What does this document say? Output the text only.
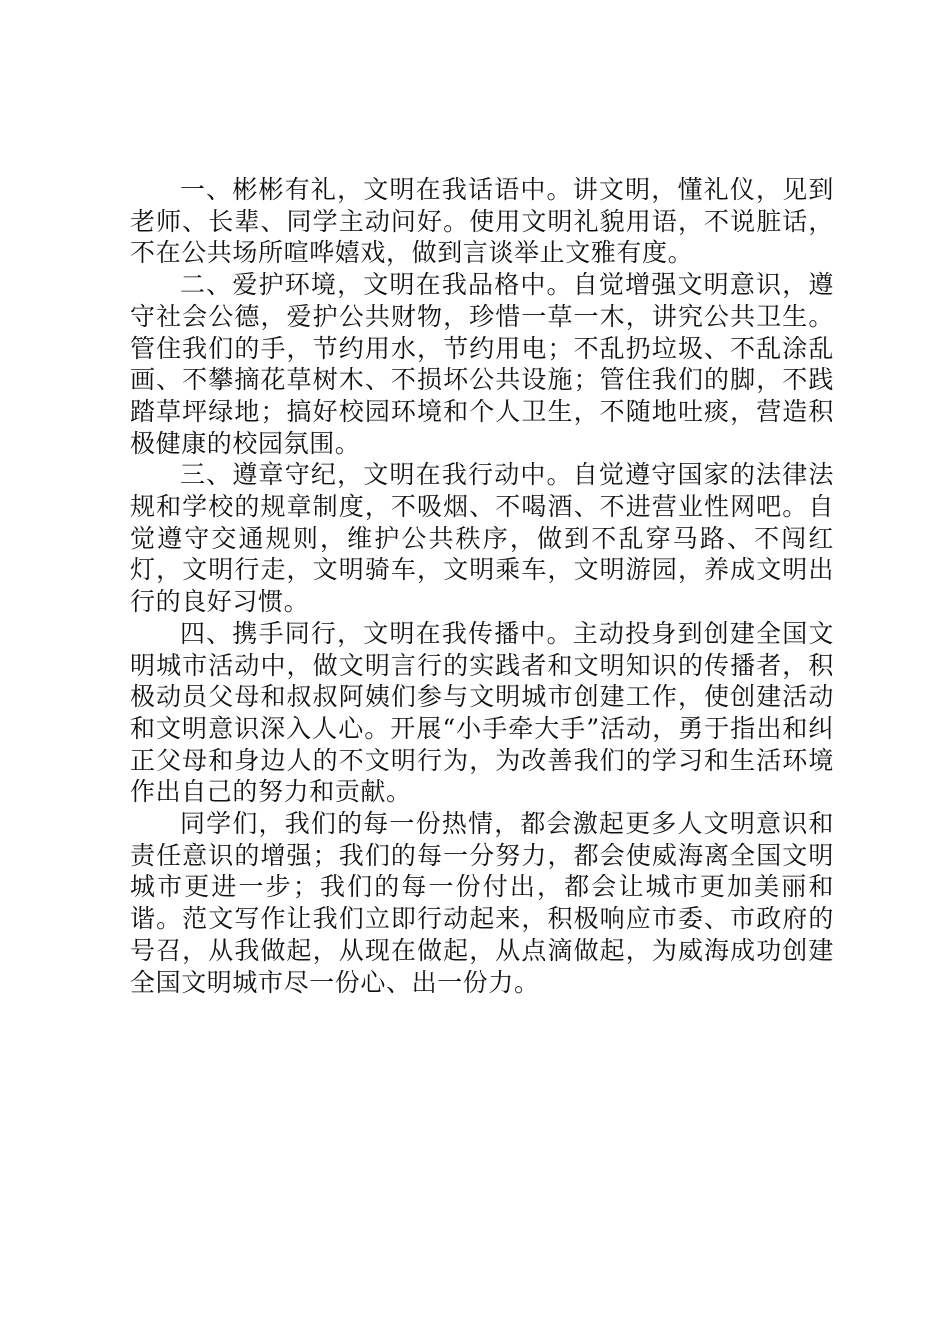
一、彬彬有礼，文明在我话语中。讲文明，懂礼仪，见到老师、长辈、同学主动问好。使用文明礼貌用语，不说脏话，不在公共场所喧哗嬉戏，做到言谈举止文雅有度。

二、爱护环境，文明在我品格中。自觉增强文明意识，遵守社会公德，爱护公共财物，珍惜一草一木，讲究公共卫生。管住我们的手，节约用水，节约用电；不乱扔垃圾、不乱涂乱画、不攀摘花草树木、不损坏公共设施；管住我们的脚，不践踏草坪绿地；搞好校园环境和个人卫生，不随地吐痰，营造积极健康的校园氛围。

三、遵章守纪，文明在我行动中。自觉遵守国家的法律法规和学校的规章制度，不吸烟、不喝酒、不进营业性网吧。自觉遵守交通规则，维护公共秩序，做到不乱穿马路、不闯红灯，文明行走，文明骑车，文明乘车，文明游园，养成文明出行的良好习惯。

四、携手同行，文明在我传播中。主动投身到创建全国文明城市活动中，做文明言行的实践者和文明知识的传播者，积极动员父母和叔叔阿姨们参与文明城市创建工作，使创建活动和文明意识深入人心。开展“小手牵大手”活动，勇于指出和纠正父母和身边人的不文明行为，为改善我们的学习和生活环境作出自己的努力和贡献。

同学们，我们的每一份热情，都会激起更多人文明意识和责任意识的增强；我们的每一分努力，都会使威海离全国文明城市更进一步；我们的每一份付出，都会让城市更加美丽和谐。范文写作让我们立即行动起来，积极响应市委、市政府的号召，从我做起，从现在做起，从点滴做起，为威海成功创建全国文明城市尽一份心、出一份力。
